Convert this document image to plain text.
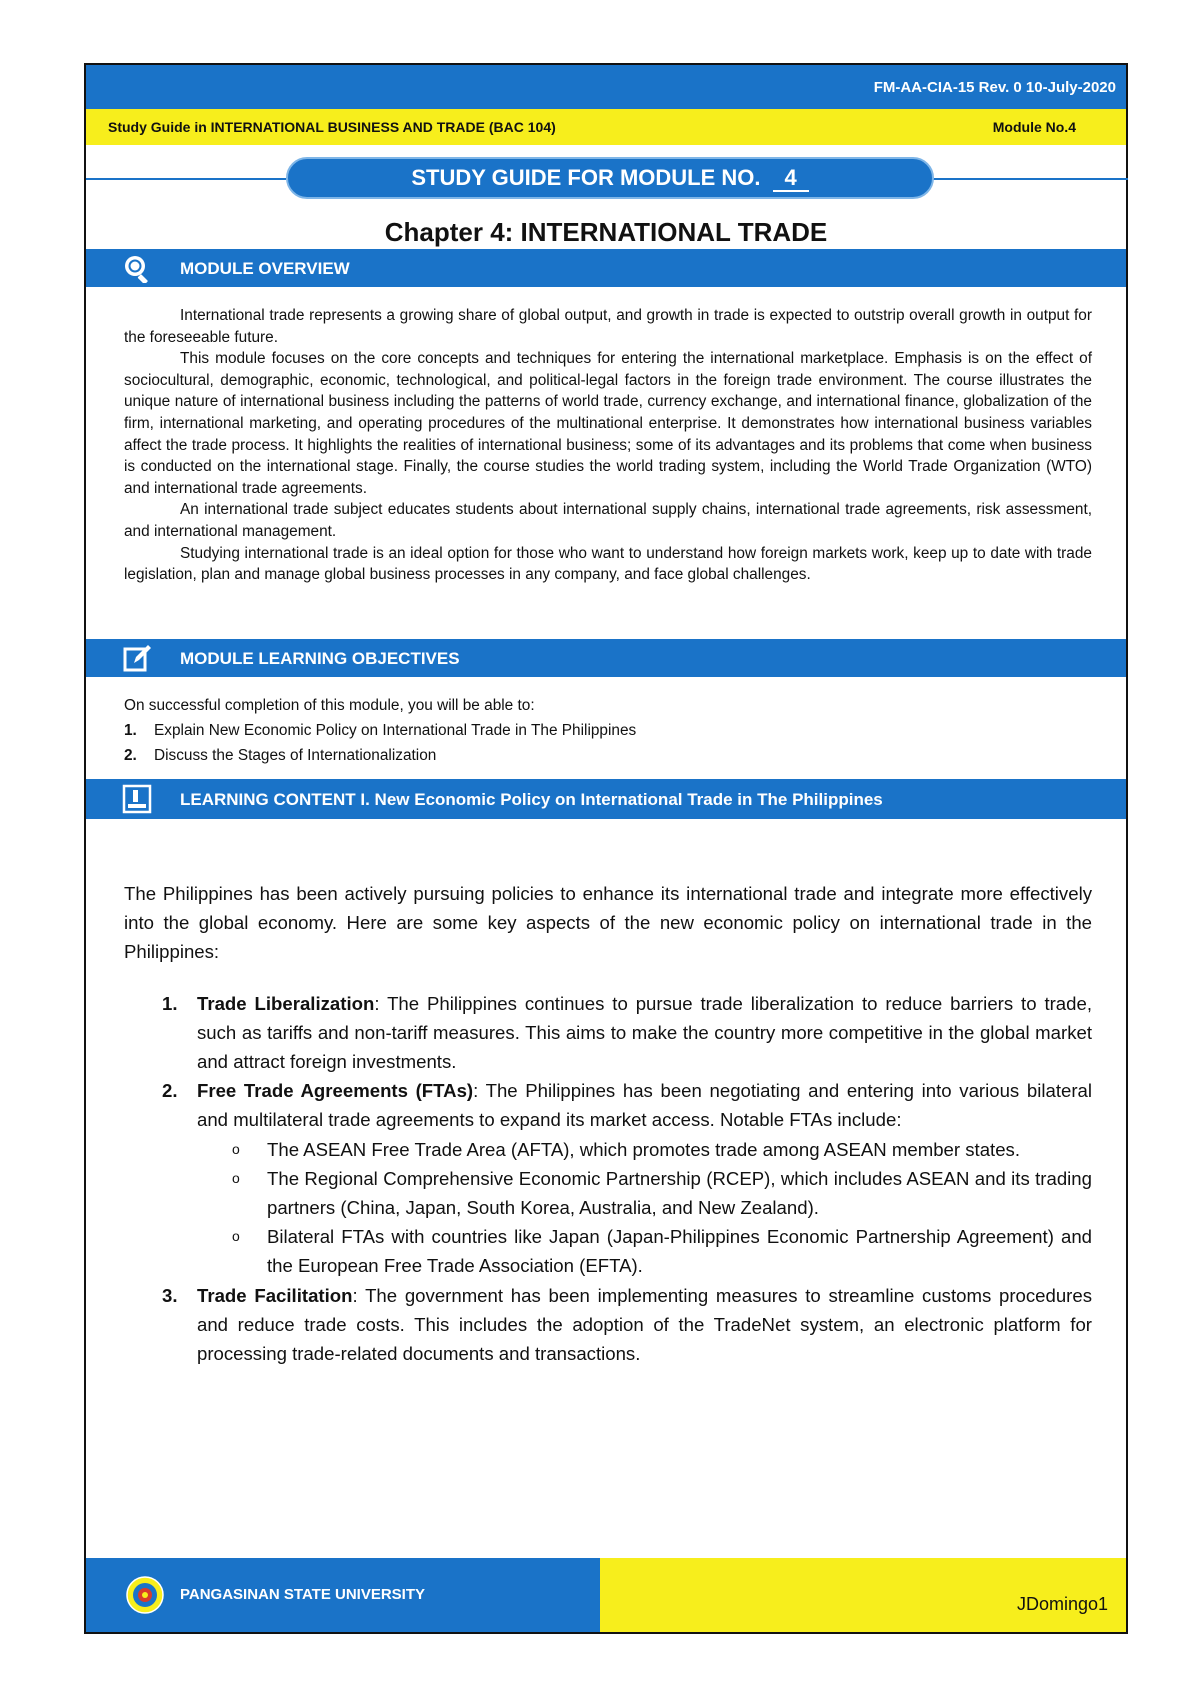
FM-AA-CIA-15 Rev. 0 10-July-2020
Study Guide in INTERNATIONAL BUSINESS AND TRADE (BAC 104)	Module No.4
STUDY GUIDE FOR MODULE NO. 4
Chapter 4: INTERNATIONAL TRADE
MODULE OVERVIEW

International trade represents a growing share of global output, and growth in trade is expected to outstrip overall growth in output for the foreseeable future.

This module focuses on the core concepts and techniques for entering the international marketplace. Emphasis is on the effect of sociocultural, demographic, economic, technological, and political-legal factors in the foreign trade environment. The course illustrates the unique nature of international business including the patterns of world trade, currency exchange, and international finance, globalization of the firm, international marketing, and operating procedures of the multinational enterprise. It demonstrates how international business variables affect the trade process. It highlights the realities of international business; some of its advantages and its problems that come when business is conducted on the international stage. Finally, the course studies the world trading system, including the World Trade Organization (WTO) and international trade agreements.

An international trade subject educates students about international supply chains, international trade agreements, risk assessment, and international management.

Studying international trade is an ideal option for those who want to understand how foreign markets work, keep up to date with trade legislation, plan and manage global business processes in any company, and face global challenges.

MODULE LEARNING OBJECTIVES
On successful completion of this module, you will be able to:
1. Explain New Economic Policy on International Trade in The Philippines
2. Discuss the Stages of Internationalization
LEARNING CONTENT I. New Economic Policy on International Trade in The Philippines
The Philippines has been actively pursuing policies to enhance its international trade and integrate more effectively into the global economy. Here are some key aspects of the new economic policy on international trade in the Philippines:
1. Trade Liberalization: The Philippines continues to pursue trade liberalization to reduce barriers to trade, such as tariffs and non-tariff measures. This aims to make the country more competitive in the global market and attract foreign investments.
2. Free Trade Agreements (FTAs): The Philippines has been negotiating and entering into various bilateral and multilateral trade agreements to expand its market access. Notable FTAs include:
o The ASEAN Free Trade Area (AFTA), which promotes trade among ASEAN member states.
o The Regional Comprehensive Economic Partnership (RCEP), which includes ASEAN and its trading partners (China, Japan, South Korea, Australia, and New Zealand).
o Bilateral FTAs with countries like Japan (Japan-Philippines Economic Partnership Agreement) and the European Free Trade Association (EFTA).
3. Trade Facilitation: The government has been implementing measures to streamline customs procedures and reduce trade costs. This includes the adoption of the TradeNet system, an electronic platform for processing trade-related documents and transactions.
PANGASINAN STATE UNIVERSITY	JDomingo1
